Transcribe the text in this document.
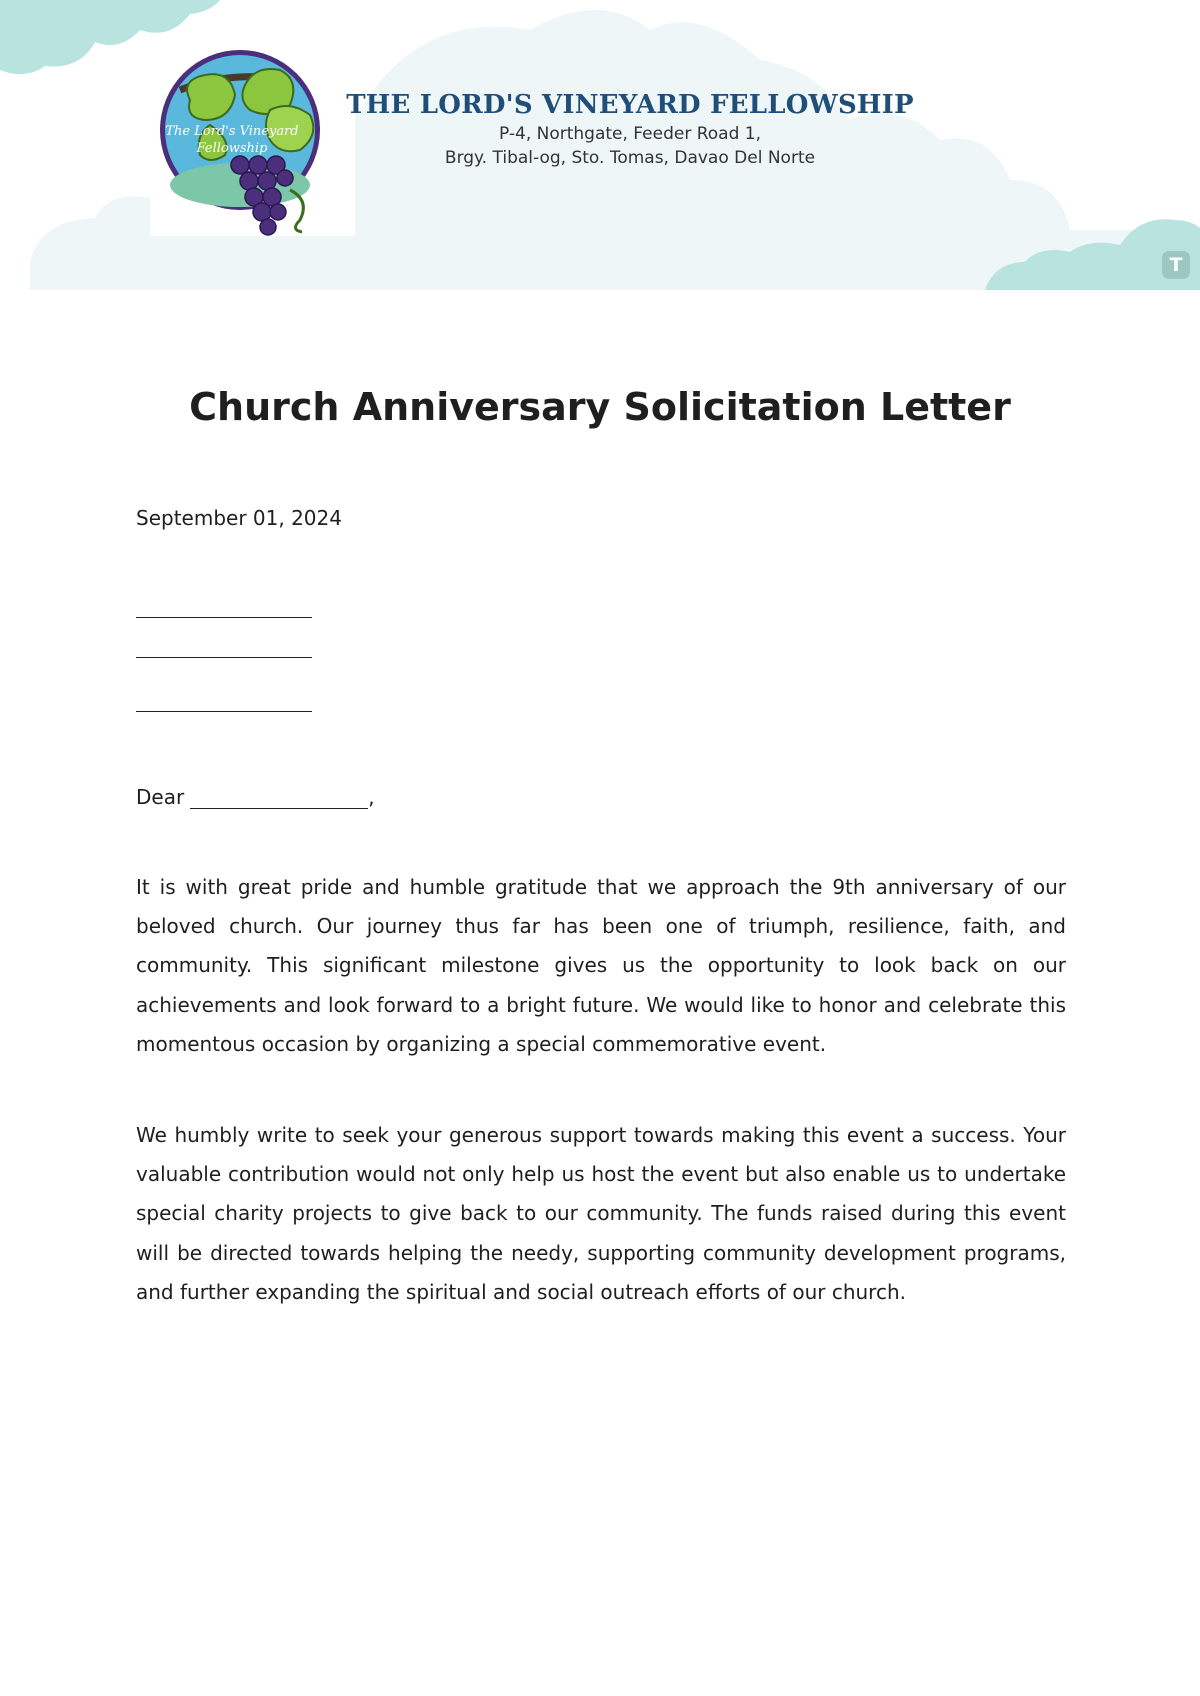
The Lord's Vineyard
Fellowship
THE LORD'S VINEYARD FELLOWSHIP
P-4, Northgate, Feeder Road 1,
Brgy. Tibal-og, Sto. Tomas, Davao Del Norte
T
Church Anniversary Solicitation Letter
September 01, 2024
Dear	,

It is with great pride and humble gratitude that we approach the 9th anniversary of our beloved church. Our journey thus far has been one of triumph, resilience, faith, and community. This significant milestone gives us the opportunity to look back on our achievements and look forward to a bright future. We would like to honor and celebrate this momentous occasion by organizing a special commemorative event.

We humbly write to seek your generous support towards making this event a success. Your valuable contribution would not only help us host the event but also enable us to undertake special charity projects to give back to our community. The funds raised during this event will be directed towards helping the needy, supporting community development programs, and further expanding the spiritual and social outreach efforts of our church.
